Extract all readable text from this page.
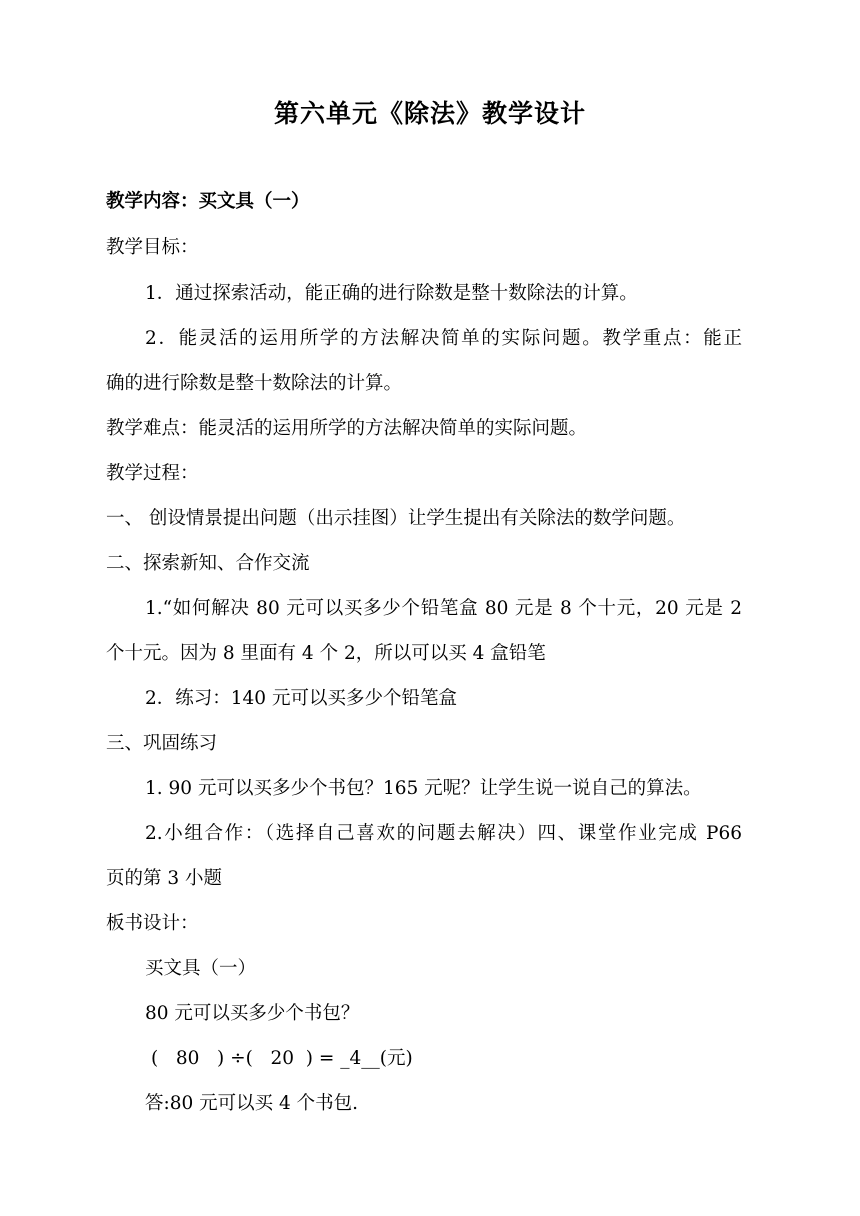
第六单元《除法》教学设计
教学内容：买文具（一）
教学目标：
1．通过探索活动，能正确的进行除数是整十数除法的计算。
2．能灵活的运用所学的方法解决简单的实际问题。教学重点：能正
确的进行除数是整十数除法的计算。
教学难点：能灵活的运用所学的方法解决简单的实际问题。
教学过程：
一、 创设情景提出问题（出示挂图）让学生提出有关除法的数学问题。
二、探索新知、合作交流
1.“如何解决 80 元可以买多少个铅笔盒 80 元是 8 个十元，20 元是 2
个十元。因为 8 里面有 4 个 2，所以可以买 4 盒铅笔
2．练习：140 元可以买多少个铅笔盒
三、巩固练习
1. 90 元可以买多少个书包？165 元呢？让学生说一说自己的算法。
2.小组合作：（选择自己喜欢的问题去解决）四、课堂作业完成 P66
页的第 3 小题
板书设计：
买文具（一）
80 元可以买多少个书包？
(   80   ) ÷(   20  ) = _4__(元)
答:80 元可以买 4 个书包.
